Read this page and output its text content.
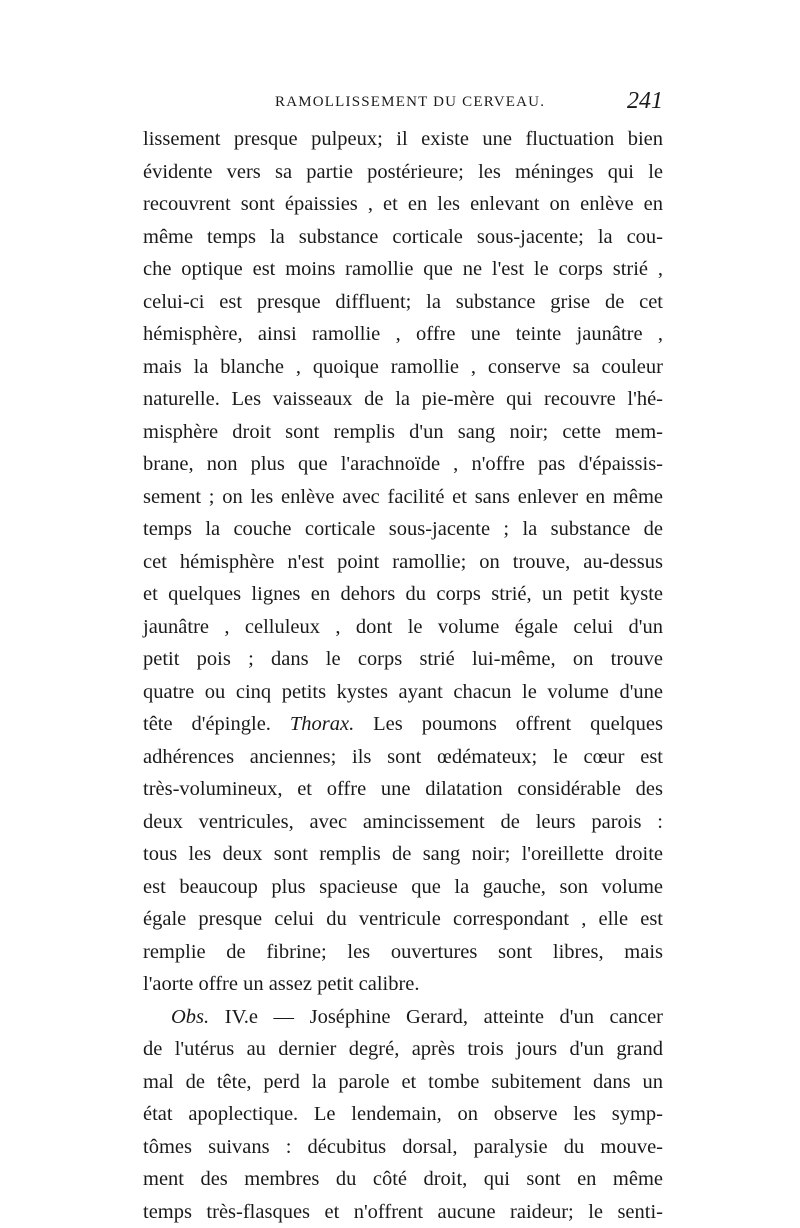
RAMOLLISSEMENT DU CERVEAU.	241
lissement presque pulpeux; il existe une fluctuation bien
évidente vers sa partie postérieure; les méninges qui le
recouvrent sont épaissies , et en les enlevant on enlève en
même temps la substance corticale sous-jacente; la cou-
che optique est moins ramollie que ne l'est le corps strié ,
celui-ci est presque diffluent; la substance grise de cet
hémisphère, ainsi ramollie , offre une teinte jaunâtre ,
mais la blanche , quoique ramollie , conserve sa couleur
naturelle. Les vaisseaux de la pie-mère qui recouvre l'hé-
misphère droit sont remplis d'un sang noir; cette mem-
brane, non plus que l'arachnoïde , n'offre pas d'épaissis-
sement ; on les enlève avec facilité et sans enlever en même
temps la couche corticale sous-jacente ; la substance de
cet hémisphère n'est point ramollie; on trouve, au-dessus
et quelques lignes en dehors du corps strié, un petit kyste
jaunâtre , celluleux , dont le volume égale celui d'un
petit pois ; dans le corps strié lui-même, on trouve
quatre ou cinq petits kystes ayant chacun le volume d'une
tête d'épingle. Thorax. Les poumons offrent quelques
adhérences anciennes; ils sont œdémateux; le cœur est
très-volumineux, et offre une dilatation considérable des
deux ventricules, avec amincissement de leurs parois :
tous les deux sont remplis de sang noir; l'oreillette droite
est beaucoup plus spacieuse que la gauche, son volume
égale presque celui du ventricule correspondant , elle est
remplie de fibrine; les ouvertures sont libres, mais
l'aorte offre un assez petit calibre.
Obs. IV.e — Joséphine Gerard, atteinte d'un cancer
de l'utérus au dernier degré, après trois jours d'un grand
mal de tête, perd la parole et tombe subitement dans un
état apoplectique. Le lendemain, on observe les symp-
tômes suivans : décubitus dorsal, paralysie du mouve-
ment des membres du côté droit, qui sont en même
temps très-flasques et n'offrent aucune raideur; le senti-
